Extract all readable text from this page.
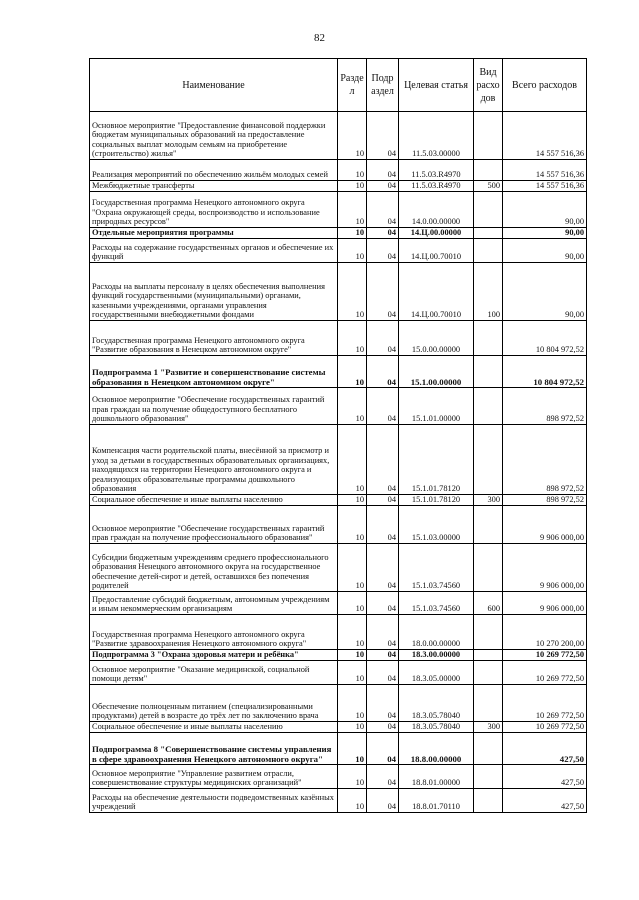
82
Наименование	Разде л	Подр аздел	Целевая статья	Вид расхо дов	Всего расходов
Основное мероприятие "Предоставление финансовой поддержки бюджетам муниципальных образований на предоставление социальных выплат молодым семьям на приобретение (строительство) жилья"	10	04	11.5.03.00000		14 557 516,36
Реализация мероприятий по обеспечению жильём молодых семей	10	04	11.5.03.R4970		14 557 516,36
Межбюджетные трансферты	10	04	11.5.03.R4970	500	14 557 516,36
Государственная программа Ненецкого автономного округа "Охрана окружающей среды, воспроизводство и использование природных ресурсов"	10	04	14.0.00.00000		90,00
Отдельные мероприятия программы	10	04	14.Ц.00.00000		90,00
Расходы на содержание государственных органов и обеспечение их функций	10	04	14.Ц.00.70010		90,00
Расходы на выплаты персоналу в целях обеспечения выполнения функций государственными (муниципальными) органами, казенными учреждениями, органами управления государственными внебюджетными фондами	10	04	14.Ц.00.70010	100	90,00
Государственная программа Ненецкого автономного округа "Развитие образования в Ненецком автономном округе"	10	04	15.0.00.00000		10 804 972,52
Подпрограмма 1 "Развитие и совершенствование системы образования в Ненецком автономном округе"	10	04	15.1.00.00000		10 804 972,52
Основное мероприятие "Обеспечение государственных гарантий прав граждан на получение общедоступного бесплатного дошкольного образования"	10	04	15.1.01.00000		898 972,52
Компенсация части родительской платы, внесённой за присмотр и уход за детьми в государственных образовательных организациях, находящихся на территории Ненецкого автономного округа и реализующих образовательные программы дошкольного образования	10	04	15.1.01.78120		898 972,52
Социальное обеспечение и иные выплаты населению	10	04	15.1.01.78120	300	898 972,52
Основное мероприятие "Обеспечение государственных гарантий прав граждан на получение профессионального образования"	10	04	15.1.03.00000		9 906 000,00
Субсидии бюджетным учреждениям среднего профессионального образования Ненецкого автономного округа на государственное обеспечение детей-сирот и детей, оставшихся без попечения родителей	10	04	15.1.03.74560		9 906 000,00
Предоставление субсидий бюджетным, автономным учреждениям и иным некоммерческим организациям	10	04	15.1.03.74560	600	9 906 000,00
Государственная программа Ненецкого автономного округа "Развитие здравоохранения Ненецкого автономного округа"	10	04	18.0.00.00000		10 270 200,00
Подпрограмма 3 "Охрана здоровья матери и ребёнка"	10	04	18.3.00.00000		10 269 772,50
Основное мероприятие "Оказание медицинской, социальной помощи детям"	10	04	18.3.05.00000		10 269 772,50
Обеспечение полноценным питанием (специализированными продуктами) детей в возрасте до трёх лет по заключению врача	10	04	18.3.05.78040		10 269 772,50
Социальное обеспечение и иные выплаты населению	10	04	18.3.05.78040	300	10 269 772,50
Подпрограмма 8 "Совершенствование системы управления в сфере здравоохранения Ненецкого автономного округа"	10	04	18.8.00.00000		427,50
Основное мероприятие "Управление развитием отрасли, совершенствование структуры медицинских организаций"	10	04	18.8.01.00000		427,50
Расходы на обеспечение деятельности подведомственных казённых учреждений	10	04	18.8.01.70110		427,50
